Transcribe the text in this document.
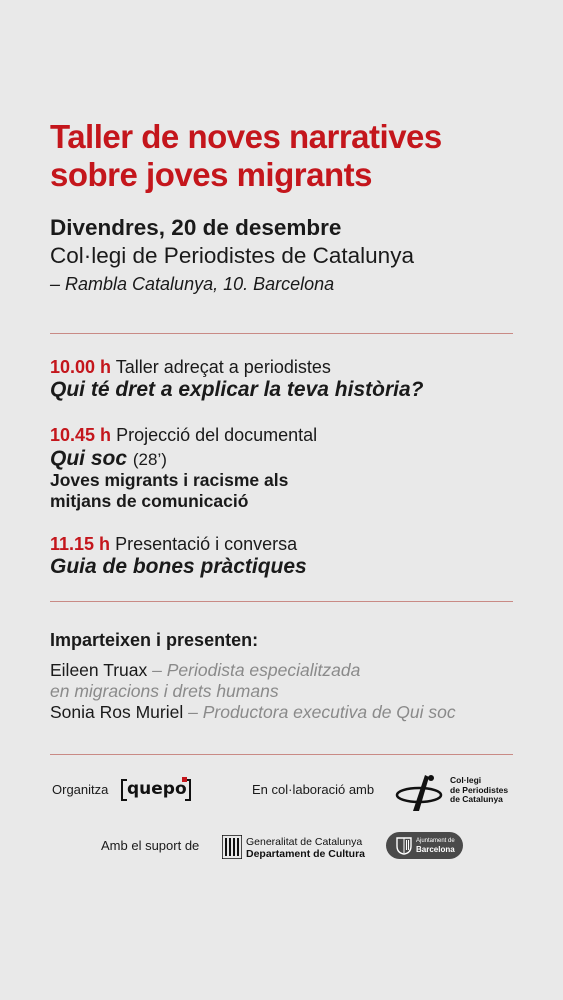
Taller de noves narratives
sobre joves migrants
Divendres, 20 de desembre
Col·legi de Periodistes de Catalunya
– Rambla Catalunya, 10. Barcelona
10.00 h Taller adreçat a periodistes
Qui té dret a explicar la teva història?
10.45 h Projecció del documental
Qui soc (28’)
Joves migrants i racisme als
mitjans de comunicació
11.15 h Presentació i conversa
Guia de bones pràctiques
Imparteixen i presenten:
Eileen Truax – Periodista especialitzada
en migracions i drets humans
Sonia Ros Muriel – Productora executiva de Qui soc
Organitza quepo	En col·laboració amb
Col·legi
de Periodistes
de Catalunya
Amb el suport de	Generalitat de Catalunya
Departament de Cultura
Ajuntament de
Barcelona
